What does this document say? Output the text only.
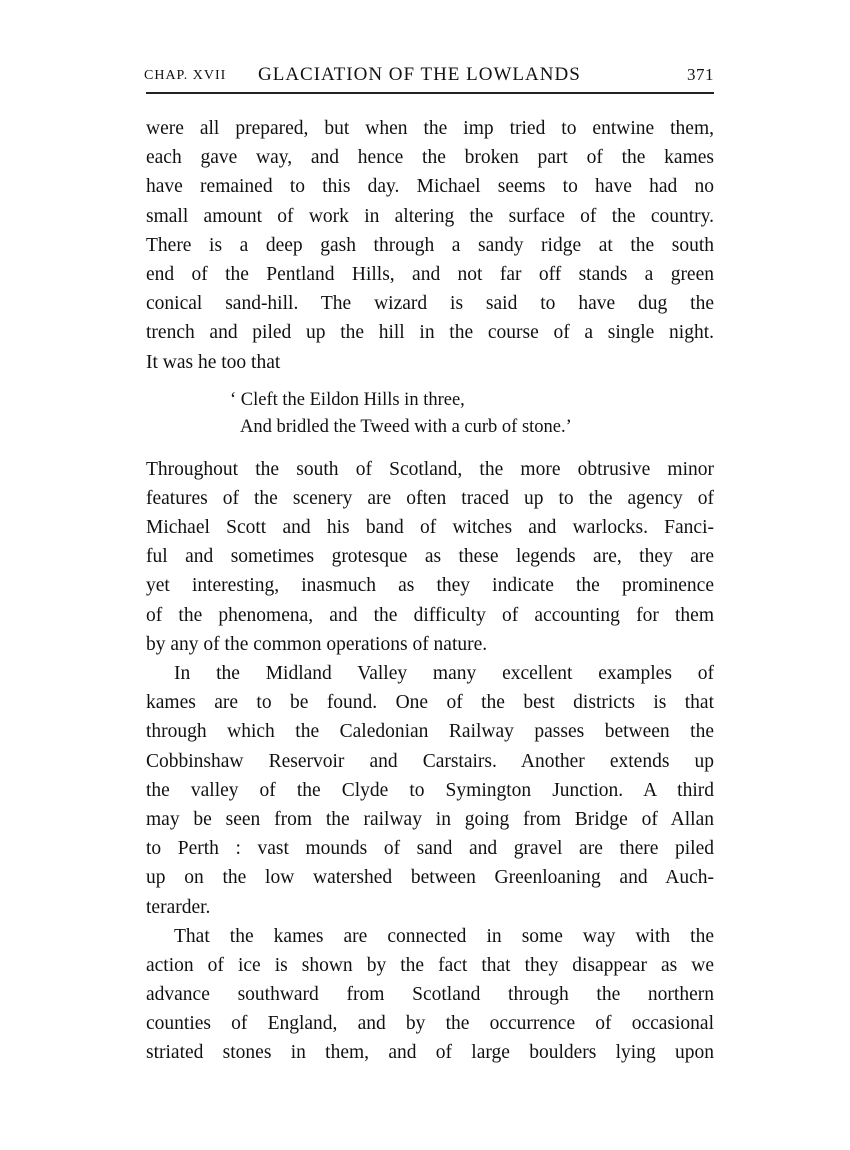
CHAP. XVII GLACIATION OF THE LOWLANDS	371
were all prepared, but when the imp tried to entwine them,
each gave way, and hence the broken part of the kames
have remained to this day. Michael seems to have had no
small amount of work in altering the surface of the country.
There is a deep gash through a sandy ridge at the south
end of the Pentland Hills, and not far off stands a green
conical sand-hill. The wizard is said to have dug the
trench and piled up the hill in the course of a single night.
It was he too that
‘ Cleft the Eildon Hills in three,
And bridled the Tweed with a curb of stone.’
Throughout the south of Scotland, the more obtrusive minor
features of the scenery are often traced up to the agency of
Michael Scott and his band of witches and warlocks. Fanci-
ful and sometimes grotesque as these legends are, they are
yet interesting, inasmuch as they indicate the prominence
of the phenomena, and the difficulty of accounting for them
by any of the common operations of nature.
In the Midland Valley many excellent examples of
kames are to be found. One of the best districts is that
through which the Caledonian Railway passes between the
Cobbinshaw Reservoir and Carstairs. Another extends up
the valley of the Clyde to Symington Junction. A third
may be seen from the railway in going from Bridge of Allan
to Perth : vast mounds of sand and gravel are there piled
up on the low watershed between Greenloaning and Auch-
terarder.
That the kames are connected in some way with the
action of ice is shown by the fact that they disappear as we
advance southward from Scotland through the northern
counties of England, and by the occurrence of occasional
striated stones in them, and of large boulders lying upon
